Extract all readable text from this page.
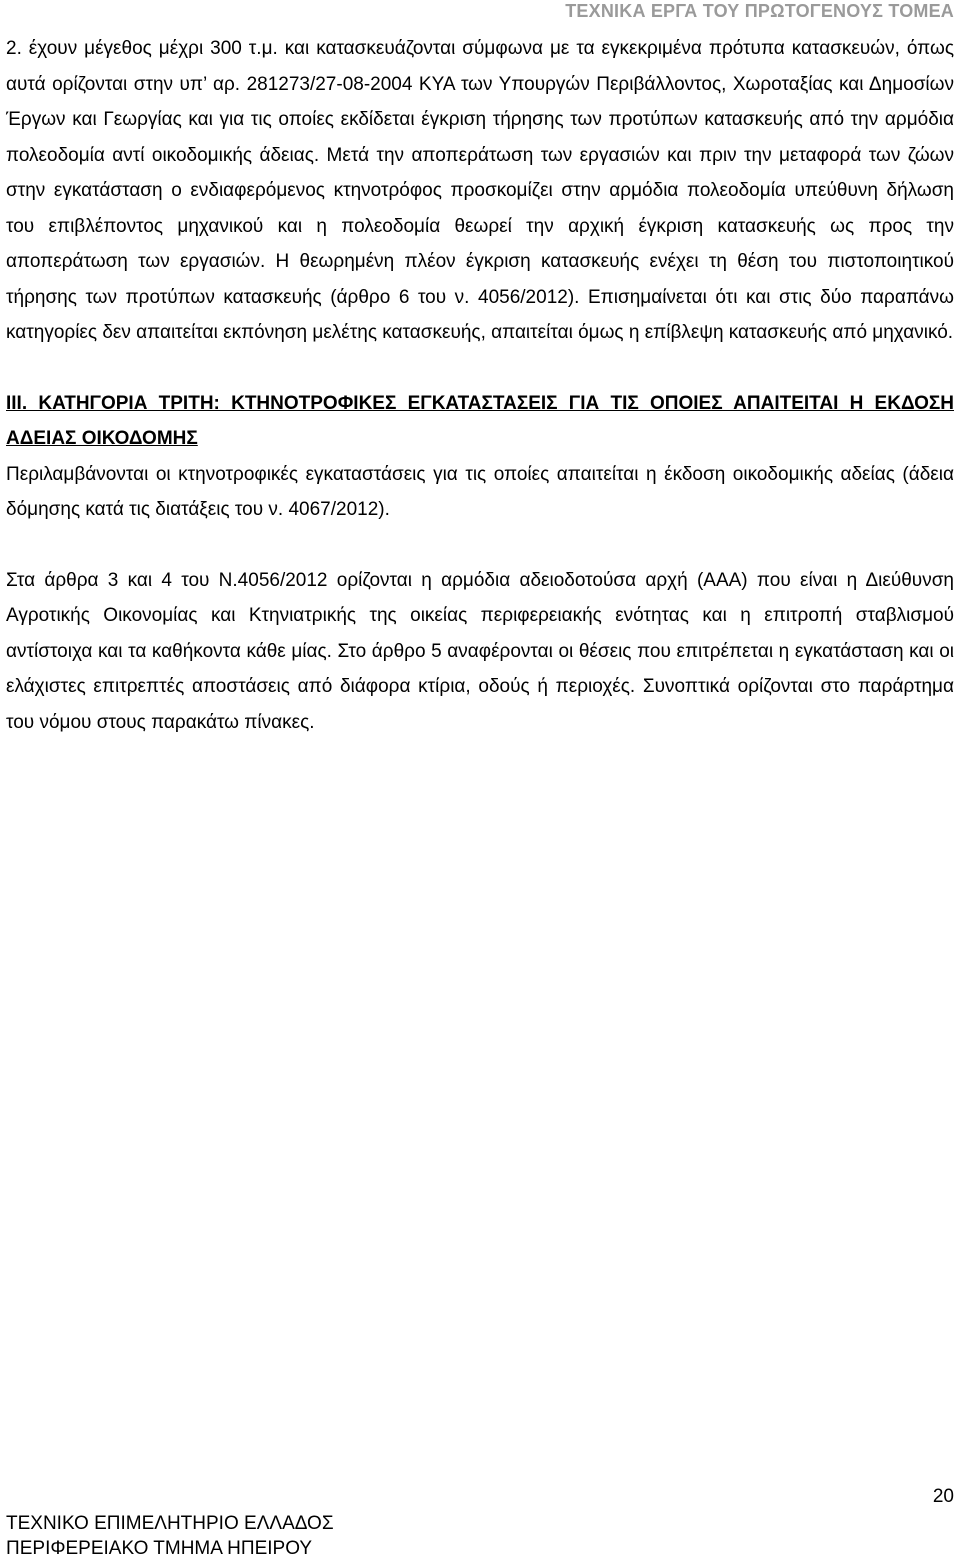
ΤΕΧΝΙΚΑ ΕΡΓΑ ΤΟΥ ΠΡΩΤΟΓΕΝΟΥΣ ΤΟΜΕΑ

2. έχουν μέγεθος μέχρι 300 τ.μ. και κατασκευάζονται σύμφωνα με τα εγκεκριμένα πρότυπα κατασκευών, όπως αυτά ορίζονται στην υπ’ αρ. 281273/27-08-2004 ΚΥΑ των Υπουργών Περιβάλλοντος, Χωροταξίας και Δημοσίων Έργων και Γεωργίας και για τις οποίες εκδίδεται έγκριση τήρησης των προτύπων κατασκευής από την αρμόδια πολεοδομία αντί οικοδομικής άδειας. Μετά την αποπεράτωση των εργασιών και πριν την μεταφορά των ζώων στην εγκατάσταση ο ενδιαφερόμενος κτηνοτρόφος προσκομίζει στην αρμόδια πολεοδομία υπεύθυνη δήλωση του επιβλέποντος μηχανικού και η πολεοδομία θεωρεί την αρχική έγκριση κατασκευής ως προς την αποπεράτωση των εργασιών. Η θεωρημένη πλέον έγκριση κατασκευής ενέχει τη θέση του πιστοποιητικού τήρησης των προτύπων κατασκευής (άρθρο 6 του ν. 4056/2012). Επισημαίνεται ότι και στις δύο παραπάνω κατηγορίες δεν απαιτείται εκπόνηση μελέτης κατασκευής, απαιτείται όμως η επίβλεψη κατασκευής από μηχανικό.

ΙΙΙ. ΚΑΤΗΓΟΡΙΑ ΤΡΙΤΗ: ΚΤΗΝΟΤΡΟΦΙΚΕΣ ΕΓΚΑΤΑΣΤΑΣΕΙΣ ΓΙΑ ΤΙΣ ΟΠΟΙΕΣ ΑΠΑΙΤΕΙΤΑΙ Η ΕΚΔΟΣΗ ΑΔΕΙΑΣ ΟΙΚΟΔΟΜΗΣ

Περιλαμβάνονται οι κτηνοτροφικές εγκαταστάσεις για τις οποίες απαιτείται η έκδοση οικοδομικής αδείας (άδεια δόμησης κατά τις διατάξεις του ν. 4067/2012).

Στα άρθρα 3 και 4 του Ν.4056/2012 ορίζονται η αρμόδια αδειοδοτούσα αρχή (ΑΑΑ) που είναι η Διεύθυνση Αγροτικής Οικονομίας και Κτηνιατρικής της οικείας περιφερειακής ενότητας και η επιτροπή σταβλισμού αντίστοιχα και τα καθήκοντα κάθε μίας. Στο άρθρο 5 αναφέρονται οι θέσεις που επιτρέπεται η εγκατάσταση και οι ελάχιστες επιτρεπτές αποστάσεις από διάφορα κτίρια, οδούς ή περιοχές. Συνοπτικά ορίζονται στο παράρτημα του νόμου στους παρακάτω πίνακες.

20
ΤΕΧΝΙΚΟ ΕΠΙΜΕΛΗΤΗΡΙΟ ΕΛΛΑΔΟΣ
ΠΕΡΙΦΕΡΕΙΑΚΟ ΤΜΗΜΑ ΗΠΕΙΡΟΥ
